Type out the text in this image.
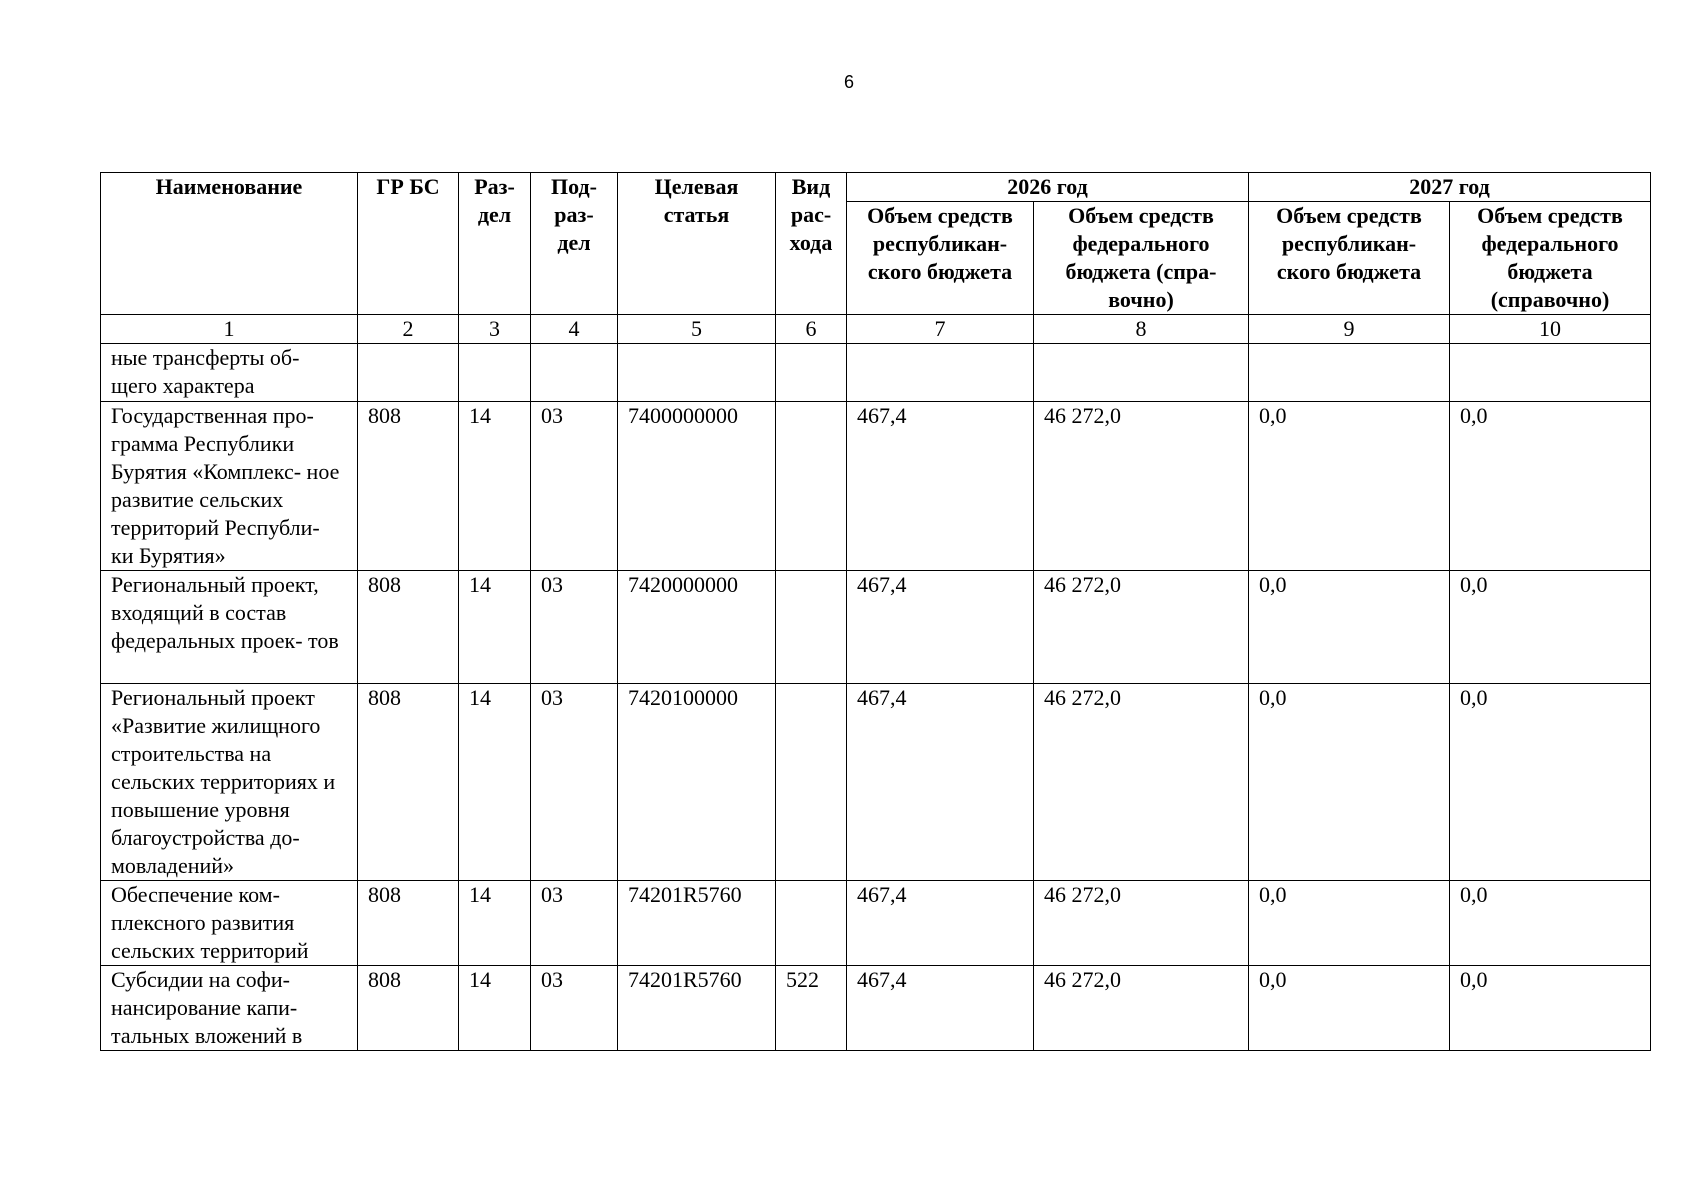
6
Наименование	ГР БС	Раз- дел	Под- раз- дел	Целевая статья	Вид рас- хода	2026 год		2027 год	
						Объем средств республикан- ского бюджета	Объем средств федерального бюджета (спра- вочно)	Объем средств республикан- ского бюджета	Объем средств федерального бюджета (справочно)
1	2	3	4	5	6	7	8	9	10
ные трансферты об- щего характера									
Государственная про- грамма Республики Бурятия «Комплекс- ное развитие сельских территорий Республи- ки Бурятия»	808	14	03	7400000000		467,4	46 272,0	0,0	0,0
Региональный проект, входящий в состав федеральных проек- тов	808	14	03	7420000000		467,4	46 272,0	0,0	0,0
Региональный проект «Развитие жилищного строительства на сельских территориях и повышение уровня благоустройства до- мовладений»	808	14	03	7420100000		467,4	46 272,0	0,0	0,0
Обеспечение ком- плексного развития сельских территорий	808	14	03	74201R5760		467,4	46 272,0	0,0	0,0
Субсидии на софи- нансирование капи- тальных вложений в	808	14	03	74201R5760	522	467,4	46 272,0	0,0	0,0
